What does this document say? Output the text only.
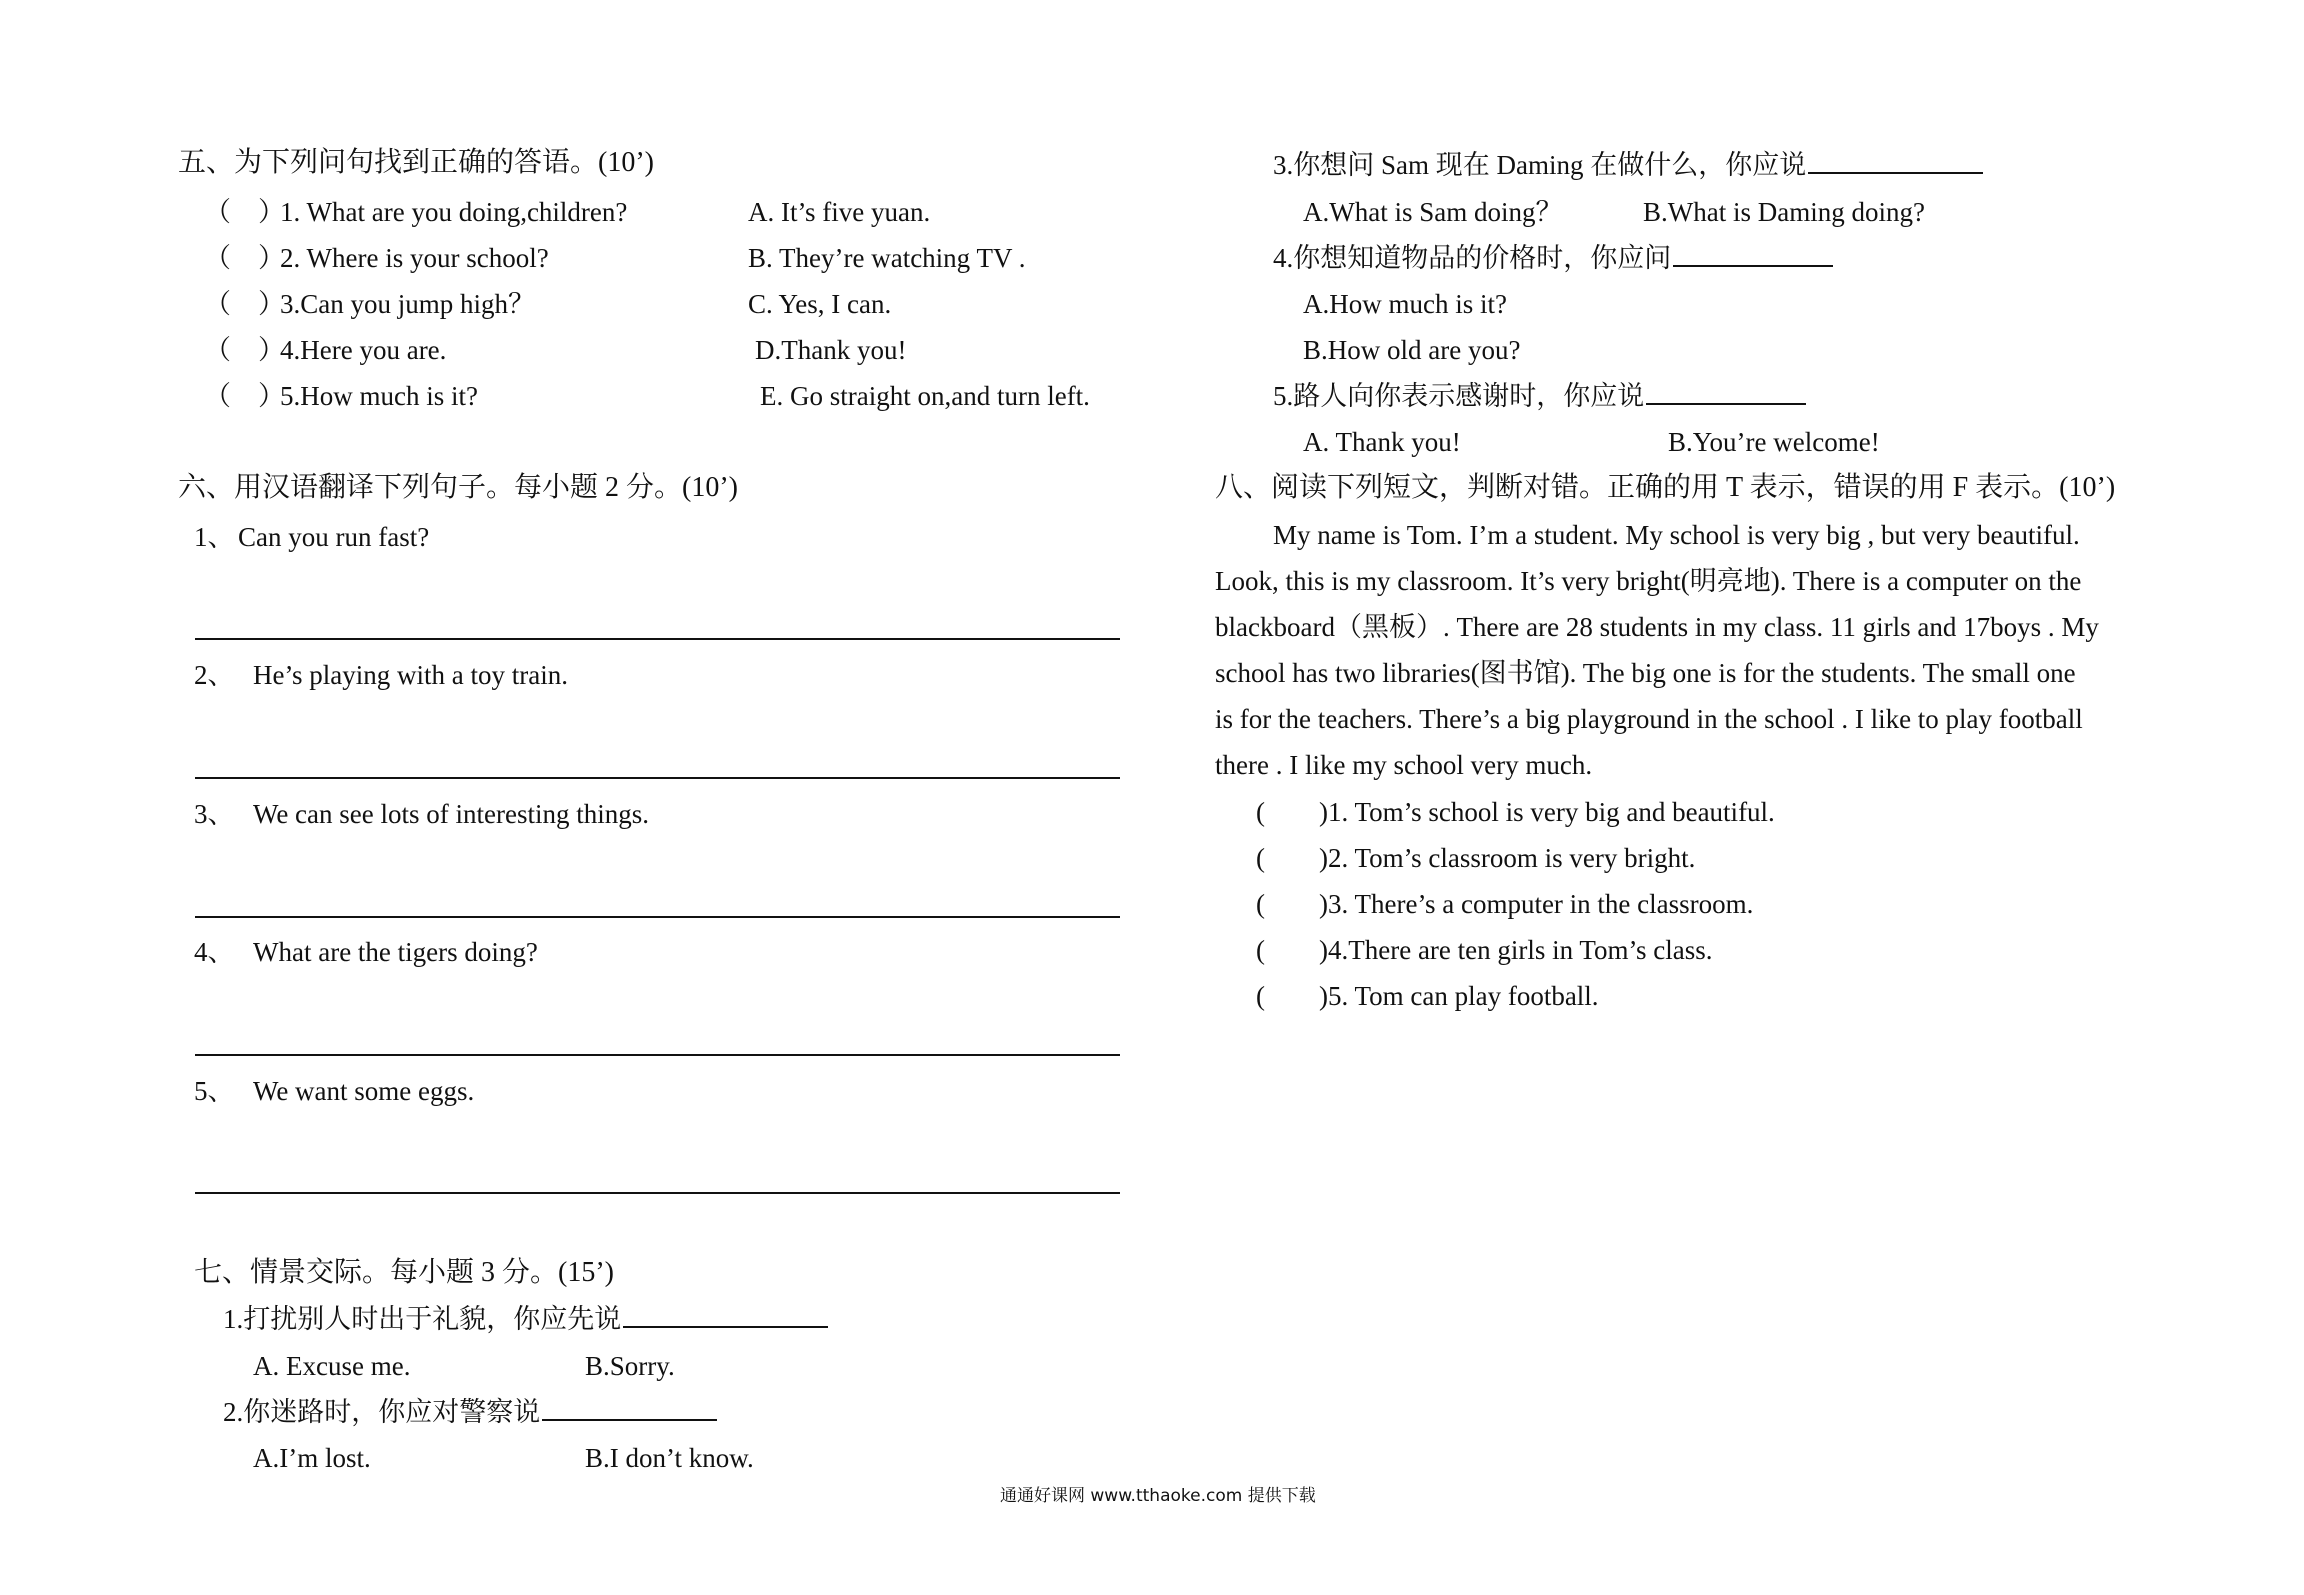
五、为下列问句找到正确的答语。(10’)
（　）
1. What are you doing,children?	A. It’s five yuan.
（　）
2. Where is your school?	B. They’re watching TV .
（　）
3.Can you jump high？	C. Yes, I can.
（　）
4.Here you are.	D.Thank you!
（　）
5.How much is it?	E. Go straight on,and turn left.
六、用汉语翻译下列句子。每小题 2 分。(10’)
1、 Can you run fast?
2、 He’s playing with a toy train.
3、 We can see lots of interesting things.
4、 What are the tigers doing?
5、 We want some eggs.
七、情景交际。每小题 3 分。(15’)
1.打扰别人时出于礼貌，你应先说
A. Excuse me.	B.Sorry.
2.你迷路时，你应对警察说
A.I’m lost.	B.I don’t know.
3.你想问 Sam 现在 Daming 在做什么，你应说
A.What is Sam doing？	B.What is Daming doing?
4.你想知道物品的价格时，你应问
A.How much is it?
B.How old are you?
5.路人向你表示感谢时，你应说
A. Thank you!	B.You’re welcome!
八、阅读下列短文，判断对错。正确的用 T 表示，错误的用 F 表示。(10’)
My name is Tom. I’m a student. My school is very big , but very beautiful.
Look, this is my classroom. It’s very bright(明亮地). There is a computer on the
blackboard（黑板）. There are 28 students in my class. 11 girls and 17boys . My
school has two libraries(图书馆). The big one is for the students. The small one
is for the teachers. There’s a big playground in the school . I like to play football
there . I like my school very much.
(　　) 1. Tom’s school is very big and beautiful.
(　　) 2. Tom’s classroom is very bright.
(　　) 3. There’s a computer in the classroom.
(　　) 4.There are ten girls in Tom’s class.
(　　) 5. Tom can play football.
通通好课网 www.tthaoke.com 提供下载
